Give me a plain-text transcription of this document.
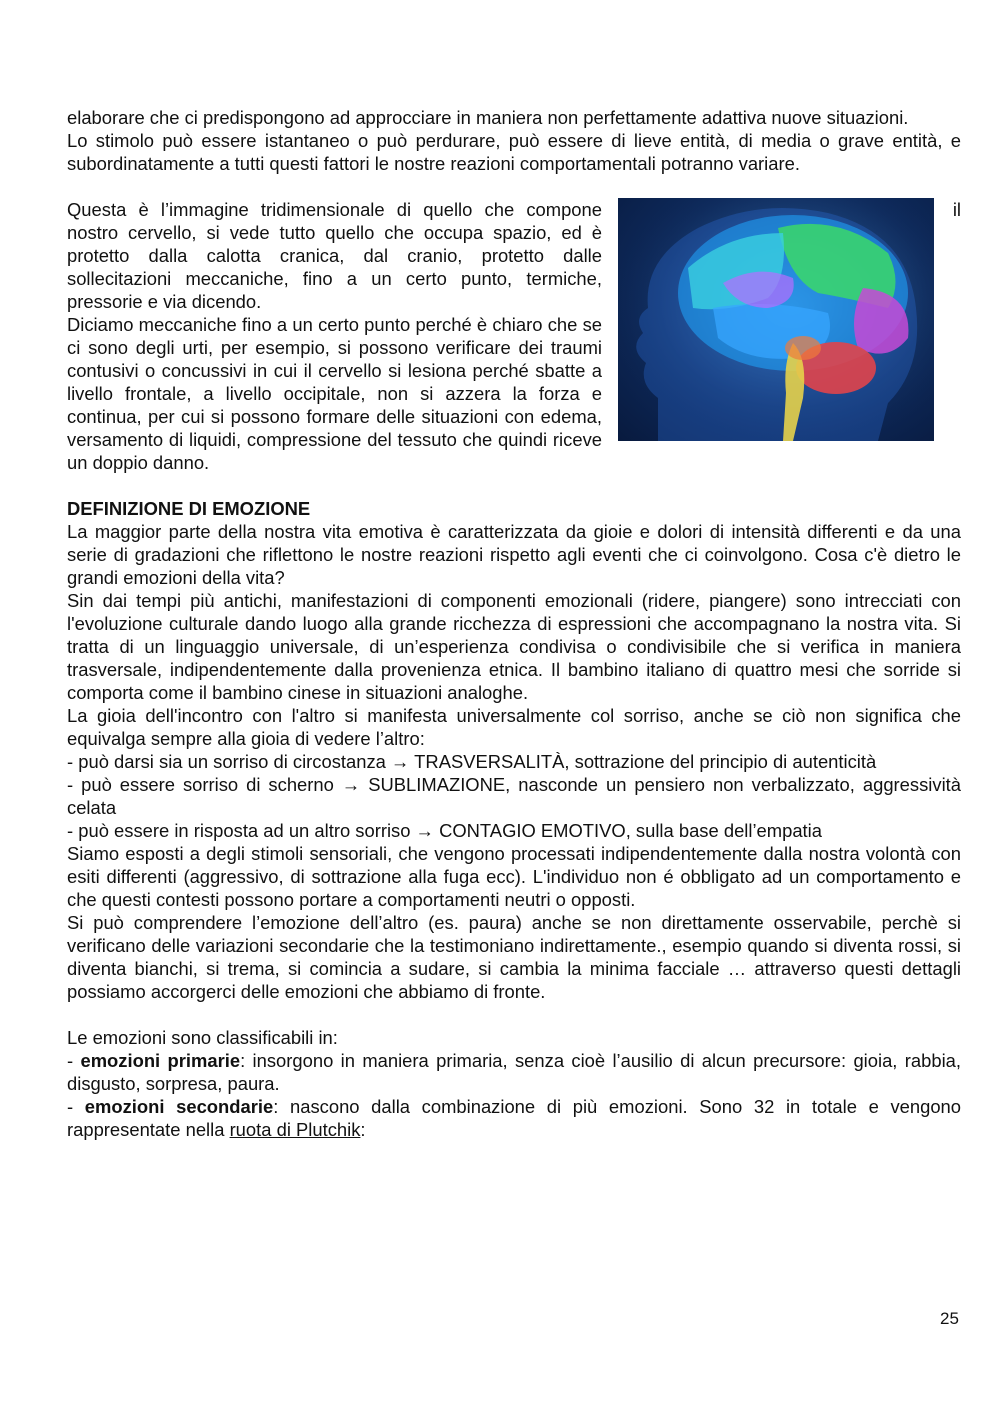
elaborare che ci predispongono ad approcciare in maniera non perfettamente adattiva nuove situazioni.

Lo stimolo può essere istantaneo o può perdurare, può essere di lieve entità, di media o grave entità, e subordinatamente a tutti questi fattori le nostre reazioni comportamentali potranno variare.

il

Questa è l’immagine tridimensionale di quello che compone nostro cervello, si vede tutto quello che occupa spazio, ed è protetto dalla calotta cranica, dal cranio, protetto dalle sollecitazioni meccaniche, fino a un certo punto, termiche, pressorie e via dicendo.

Diciamo meccaniche fino a un certo punto perché è chiaro che se ci sono degli urti, per esempio, si possono verificare dei traumi contusivi o concussivi in cui il cervello si lesiona perché sbatte a livello frontale, a livello occipitale, non si azzera la forza e continua, per cui si possono formare delle situazioni con edema, versamento di liquidi, compressione del tessuto che quindi riceve un doppio danno.

DEFINIZIONE DI EMOZIONE

La maggior parte della nostra vita emotiva è caratterizzata da gioie e dolori di intensità differenti e da una serie di gradazioni che riflettono le nostre reazioni rispetto agli eventi che ci coinvolgono. Cosa c'è dietro le grandi emozioni della vita?

Sin dai tempi più antichi, manifestazioni di componenti emozionali (ridere, piangere) sono intrecciati con l'evoluzione culturale dando luogo alla grande ricchezza di espressioni che accompagnano la nostra vita. Si tratta di un linguaggio universale, di un’esperienza condivisa o condivisibile che si verifica in maniera trasversale, indipendentemente dalla provenienza etnica. Il bambino italiano di quattro mesi che sorride si comporta come il bambino cinese in situazioni analoghe.

La gioia dell'incontro con l'altro si manifesta universalmente col sorriso, anche se ciò non significa che equivalga sempre alla gioia di vedere l’altro:

- può darsi sia un sorriso di circostanza → TRASVERSALITÀ, sottrazione del principio di autenticità

- può essere sorriso di scherno → SUBLIMAZIONE, nasconde un pensiero non verbalizzato, aggressività celata

- può essere in risposta ad un altro sorriso → CONTAGIO EMOTIVO, sulla base dell’empatia

Siamo esposti a degli stimoli sensoriali, che vengono processati indipendentemente dalla nostra volontà con esiti differenti (aggressivo, di sottrazione alla fuga ecc). L'individuo non é obbligato ad un comportamento e che questi contesti possono portare a comportamenti neutri o opposti.

Si può comprendere l’emozione dell’altro (es. paura) anche se non direttamente osservabile, perchè si verificano delle variazioni secondarie che la testimoniano indirettamente., esempio quando si diventa rossi, si diventa bianchi, si trema, si comincia a sudare, si cambia la minima facciale … attraverso questi dettagli possiamo accorgerci delle emozioni che abbiamo di fronte.

Le emozioni sono classificabili in:

- emozioni primarie: insorgono in maniera primaria, senza cioè l’ausilio di alcun precursore: gioia, rabbia, disgusto, sorpresa, paura.

- emozioni secondarie: nascono dalla combinazione di più emozioni. Sono 32 in totale e vengono rappresentate nella ruota di Plutchik:

25
